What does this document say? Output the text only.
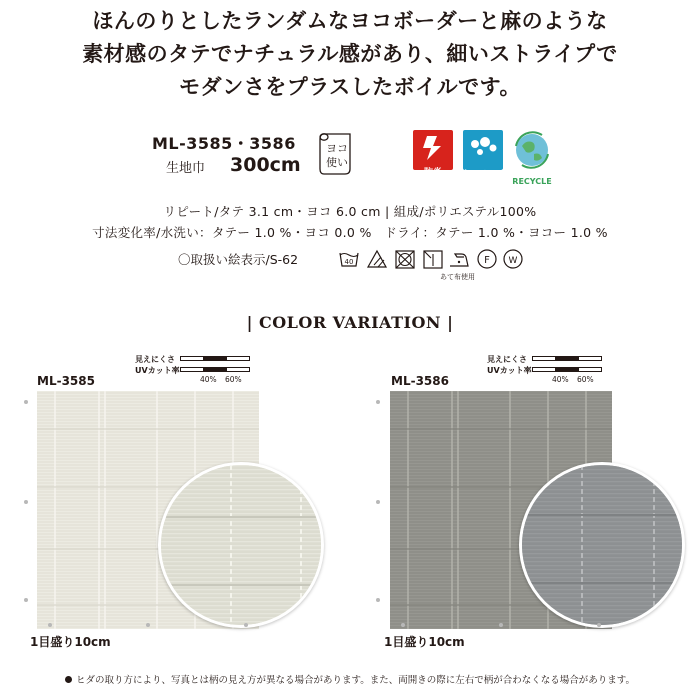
ほんのりとしたランダムなヨコボーダーと麻のような
素材感のタテでナチュラル感があり、細いストライプで
モダンさをプラスしたボイルです。
ML-3585・3586
生地巾 300cm
ヨコ
使い
防炎	ウォッシャブル	RECYCLE
リピート/タテ 3.1 cm・ヨコ 6.0 cm | 組成/ポリエステル100%
寸法変化率/水洗い：タテー 1.0 %・ヨコ 0.0 %　ドライ：タテー 1.0 %・ヨコー 1.0 %
〇取扱い絵表示/S-62	40
あて布使用
F W
| COLOR VARIATION |
見えにくさ
UVカット率
40% 60%
ML-3585
1目盛り10cm
見えにくさ
UVカット率
40% 60%
ML-3586
1目盛り10cm
ヒダの取り方により、写真とは柄の見え方が異なる場合があります。また、両開きの際に左右で柄が合わなくなる場合があります。
